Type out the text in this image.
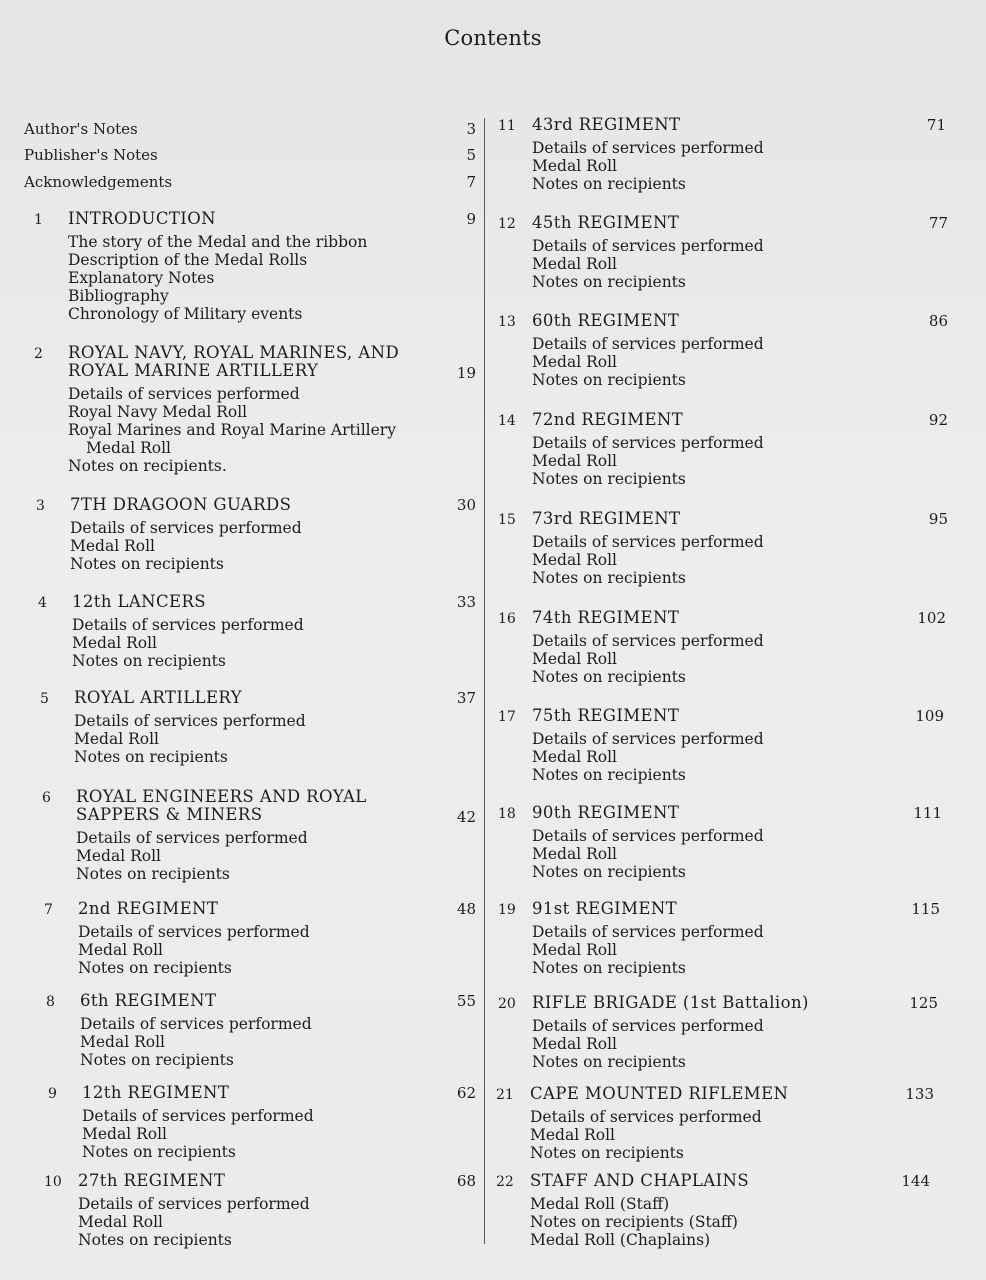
Contents
Author's Notes	3
Publisher's Notes	5
Acknowledgements	7
1	INTRODUCTION	9
The story of the Medal and the ribbon
Description of the Medal Rolls
Explanatory Notes
Bibliography
Chronology of Military events
2	ROYAL NAVY, ROYAL MARINES, AND
ROYAL MARINE ARTILLERY	19
Details of services performed
Royal Navy Medal Roll
Royal Marines and Royal Marine Artillery
Medal Roll
Notes on recipients.
3	7TH DRAGOON GUARDS	30
Details of services performed
Medal Roll
Notes on recipients
4	12th LANCERS	33
Details of services performed
Medal Roll
Notes on recipients
5	ROYAL ARTILLERY	37
Details of services performed
Medal Roll
Notes on recipients
6	ROYAL ENGINEERS AND ROYAL
SAPPERS & MINERS	42
Details of services performed
Medal Roll
Notes on recipients
7	2nd REGIMENT	48
Details of services performed
Medal Roll
Notes on recipients
8	6th REGIMENT	55
Details of services performed
Medal Roll
Notes on recipients
9	12th REGIMENT	62
Details of services performed
Medal Roll
Notes on recipients
10 27th REGIMENT	68
Details of services performed
Medal Roll
Notes on recipients
11 43rd REGIMENT	71
Details of services performed
Medal Roll
Notes on recipients
12 45th REGIMENT	77
Details of services performed
Medal Roll
Notes on recipients
13 60th REGIMENT	86
Details of services performed
Medal Roll
Notes on recipients
14 72nd REGIMENT	92
Details of services performed
Medal Roll
Notes on recipients
15 73rd REGIMENT	95
Details of services performed
Medal Roll
Notes on recipients
16 74th REGIMENT	102
Details of services performed
Medal Roll
Notes on recipients
17 75th REGIMENT	109
Details of services performed
Medal Roll
Notes on recipients
18 90th REGIMENT	111
Details of services performed
Medal Roll
Notes on recipients
19 91st REGIMENT	115
Details of services performed
Medal Roll
Notes on recipients
20 RIFLE BRIGADE (1st Battalion)	125
Details of services performed
Medal Roll
Notes on recipients
21 CAPE MOUNTED RIFLEMEN	133
Details of services performed
Medal Roll
Notes on recipients
22 STAFF AND CHAPLAINS	144
Medal Roll (Staff)
Notes on recipients (Staff)
Medal Roll (Chaplains)
